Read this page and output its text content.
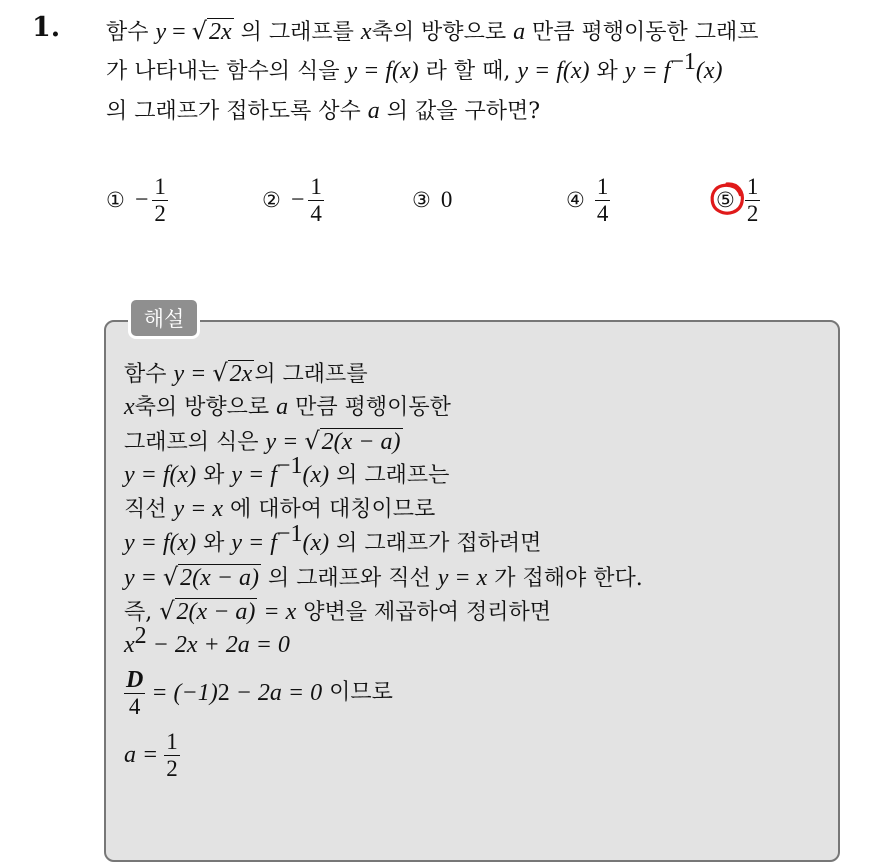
1. 함수 y = √2x 의 그래프를 x축의 방향으로 a 만큼 평행이동한 그래프
가 나타내는 함수의 식을 y = f(x) 라 할 때, y = f(x) 와 $y = f^{-1}(x)$
의 그래프가 접하도록 상수 a 의 값을 구하면?
① − $\frac{1}{2}$	② − $\frac{1}{4}$	③ 0	④ $\frac{1}{4}$	⑤ $\frac{1}{2}$
해설
함수 y = √2x의 그래프를
x축의 방향으로 a 만큼 평행이동한
그래프의 식은 y = √2(x − a)
y = f(x) 와 $y = f^{-1}(x)$ 의 그래프는
직선 y = x 에 대하여 대칭이므로
y = f(x) 와 $y = f^{-1}(x)$ 의 그래프가 접하려면
y = √2(x − a) 의 그래프와 직선 y = x 가 접해야 한다.
즉, √2(x − a) = x 양변을 제곱하여 정리하면
$x^2 - 2x + 2a = 0$
$\frac{D}{4} = (-1) 2 - 2a = 0$ 이므로
$a = \frac{1}{2}$
